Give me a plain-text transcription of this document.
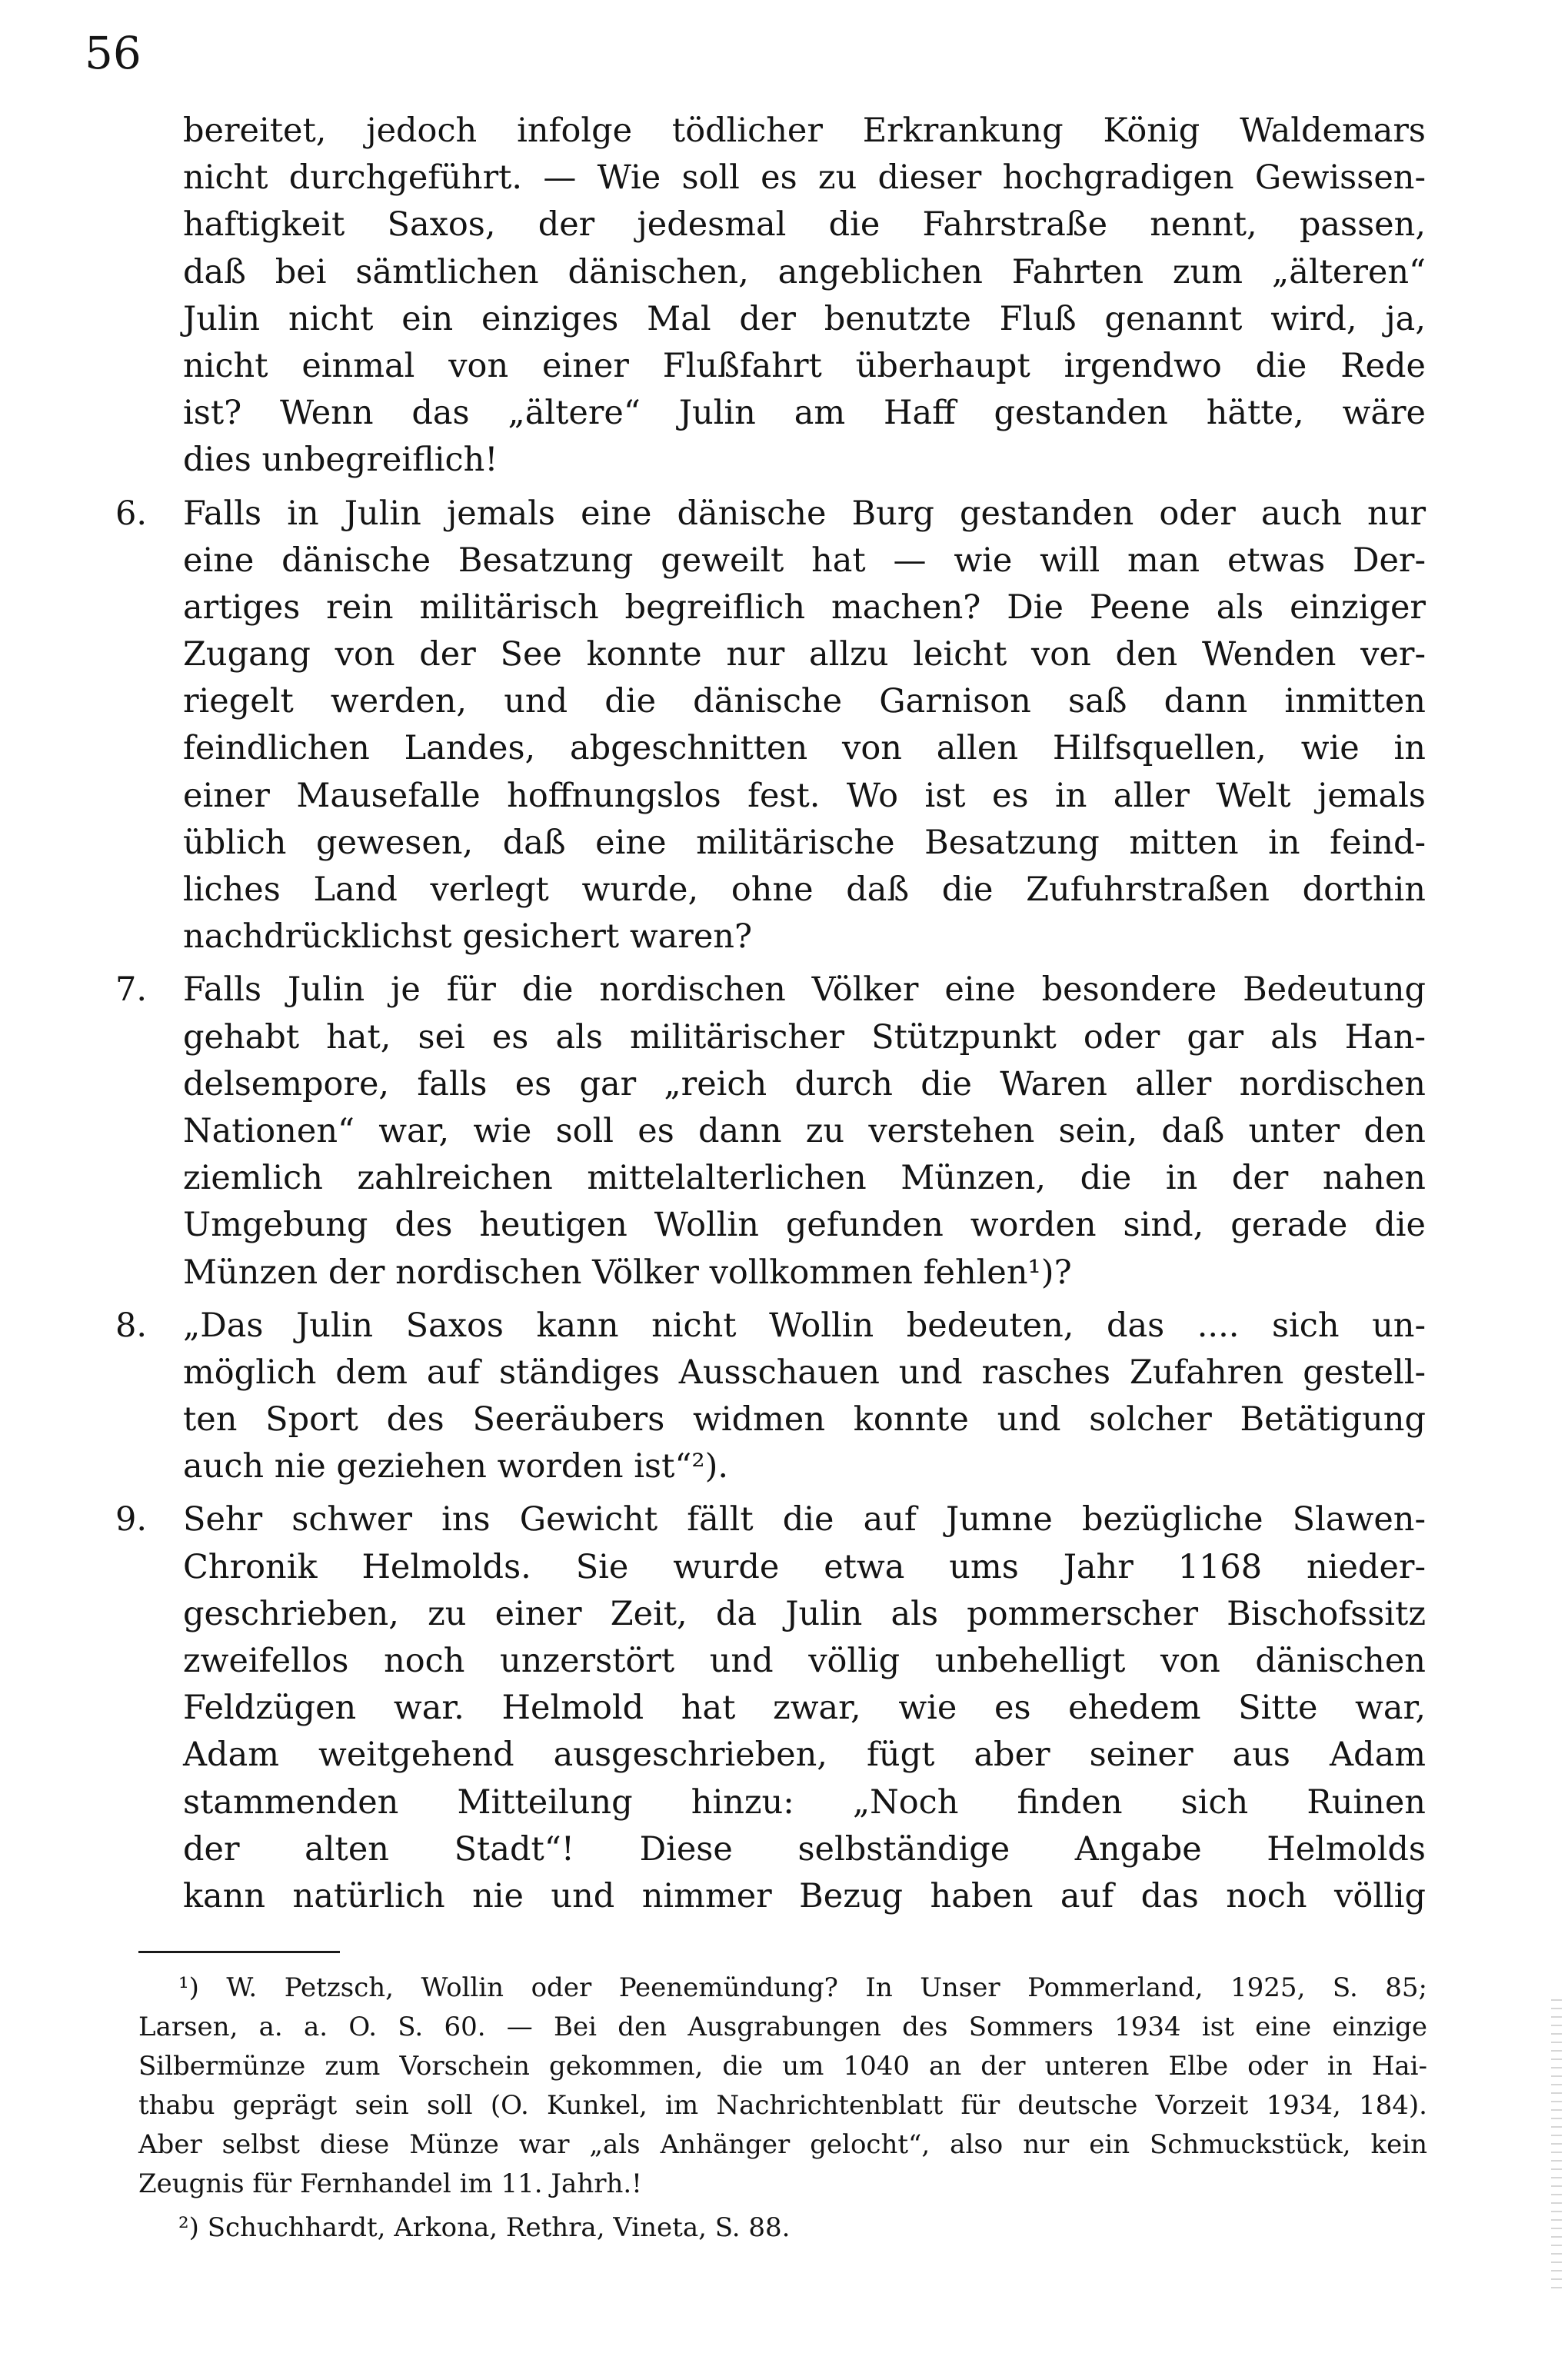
56
bereitet, jedoch infolge tödlicher Erkrankung König Waldemars
nicht durchgeführt. — Wie soll es zu dieser hochgradigen Gewissen-
haftigkeit Saxos, der jedesmal die Fahrstraße nennt, passen,
daß bei sämtlichen dänischen, angeblichen Fahrten zum „älteren“
Julin nicht ein einziges Mal der benutzte Fluß genannt wird, ja,
nicht einmal von einer Flußfahrt überhaupt irgendwo die Rede
ist? Wenn das „ältere“ Julin am Haff gestanden hätte, wäre
dies unbegreiflich!
6. Falls in Julin jemals eine dänische Burg gestanden oder auch nur
eine dänische Besatzung geweilt hat — wie will man etwas Der-
artiges rein militärisch begreiflich machen? Die Peene als einziger
Zugang von der See konnte nur allzu leicht von den Wenden ver-
riegelt werden, und die dänische Garnison saß dann inmitten
feindlichen Landes, abgeschnitten von allen Hilfsquellen, wie in
einer Mausefalle hoffnungslos fest. Wo ist es in aller Welt jemals
üblich gewesen, daß eine militärische Besatzung mitten in feind-
liches Land verlegt wurde, ohne daß die Zufuhrstraßen dorthin
nachdrücklichst gesichert waren?
7. Falls Julin je für die nordischen Völker eine besondere Bedeutung
gehabt hat, sei es als militärischer Stützpunkt oder gar als Han-
delsempore, falls es gar „reich durch die Waren aller nordischen
Nationen“ war, wie soll es dann zu verstehen sein, daß unter den
ziemlich zahlreichen mittelalterlichen Münzen, die in der nahen
Umgebung des heutigen Wollin gefunden worden sind, gerade die
Münzen der nordischen Völker vollkommen fehlen¹)?
8. „Das Julin Saxos kann nicht Wollin bedeuten, das .... sich un-
möglich dem auf ständiges Ausschauen und rasches Zufahren gestell-
ten Sport des Seeräubers widmen konnte und solcher Betätigung
auch nie geziehen worden ist“²).
9. Sehr schwer ins Gewicht fällt die auf Jumne bezügliche Slawen-
Chronik Helmolds. Sie wurde etwa ums Jahr 1168 nieder-
geschrieben, zu einer Zeit, da Julin als pommerscher Bischofssitz
zweifellos noch unzerstört und völlig unbehelligt von dänischen
Feldzügen war. Helmold hat zwar, wie es ehedem Sitte war,
Adam weitgehend ausgeschrieben, fügt aber seiner aus Adam
stammenden Mitteilung hinzu: „Noch finden sich Ruinen
der alten Stadt“! Diese selbständige Angabe Helmolds
kann natürlich nie und nimmer Bezug haben auf das noch völlig
¹) W. Petzsch, Wollin oder Peenemündung? In Unser Pommerland, 1925, S. 85;
Larsen, a. a. O. S. 60. — Bei den Ausgrabungen des Sommers 1934 ist eine einzige
Silbermünze zum Vorschein gekommen, die um 1040 an der unteren Elbe oder in Hai-
thabu geprägt sein soll (O. Kunkel, im Nachrichtenblatt für deutsche Vorzeit 1934, 184).
Aber selbst diese Münze war „als Anhänger gelocht“, also nur ein Schmuckstück, kein
Zeugnis für Fernhandel im 11. Jahrh.!
²) Schuchhardt, Arkona, Rethra, Vineta, S. 88.
